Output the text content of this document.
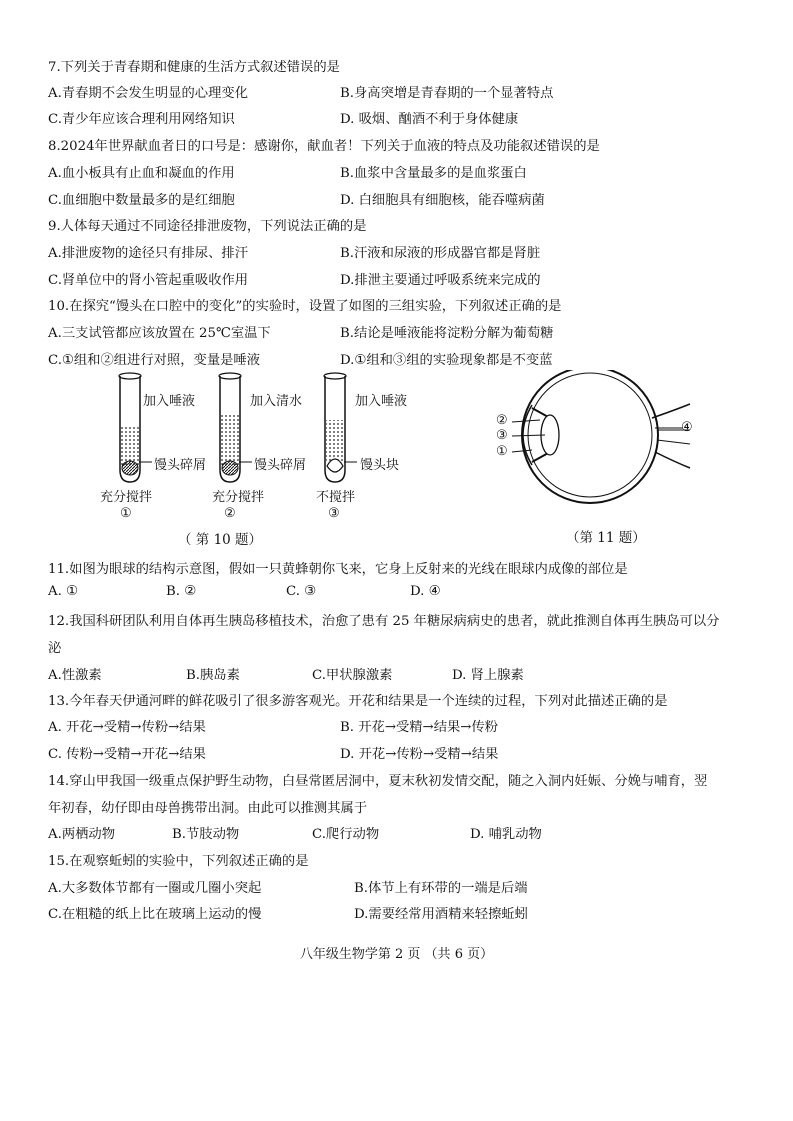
7.下列关于青春期和健康的生活方式叙述错误的是
A.青春期不会发生明显的心理变化	B.身高突增是青春期的一个显著特点
C.青少年应该合理利用网络知识	D. 吸烟、酗酒不利于身体健康
8.2024年世界献血者日的口号是：感谢你，献血者！下列关于血液的特点及功能叙述错误的是
A.血小板具有止血和凝血的作用	B.血浆中含量最多的是血浆蛋白
C.血细胞中数量最多的是红细胞	D. 白细胞具有细胞核，能吞噬病菌
9.人体每天通过不同途径排泄废物，下列说法正确的是
A.排泄废物的途径只有排尿、排汗	B.汗液和尿液的形成器官都是肾脏
C.肾单位中的肾小管起重吸收作用	D.排泄主要通过呼吸系统来完成的
10.在探究“馒头在口腔中的变化”的实验时，设置了如图的三组实验，下列叙述正确的是
A.三支试管都应该放置在 25℃室温下	B.结论是唾液能将淀粉分解为葡萄糖
C.①组和②组进行对照，变量是唾液	D.①组和③组的实验现象都是不变蓝
加入唾液
馒头碎屑
充分搅拌
①
加入清水
馒头碎屑
充分搅拌
②
加入唾液
馒头块
不搅拌
③
（ 第 10 题）
②
③
①
④
（第 11 题）
11.如图为眼球的结构示意图，假如一只黄蜂朝你飞来，它身上反射来的光线在眼球内成像的部位是
A. ①	B. ②	C. ③	D. ④
12.我国科研团队利用自体再生胰岛移植技术，治愈了患有 25 年糖尿病病史的患者，就此推测自体再生胰岛可以分
泌
A.性激素	B.胰岛素	C.甲状腺激素	D. 肾上腺素
13.今年春天伊通河畔的鲜花吸引了很多游客观光。开花和结果是一个连续的过程，下列对此描述正确的是
A. 开花→受精→传粉→结果	B. 开花→受精→结果→传粉
C. 传粉→受精→开花→结果	D. 开花→传粉→受精→结果
14.穿山甲我国一级重点保护野生动物，白昼常匿居洞中，夏末秋初发情交配，随之入洞内妊娠、分娩与哺育，翌
年初春，幼仔即由母兽携带出洞。由此可以推测其属于
A.两栖动物	B.节肢动物	C.爬行动物	D. 哺乳动物
15.在观察蚯蚓的实验中，下列叙述正确的是
A.大多数体节都有一圈或几圈小突起	B.体节上有环带的一端是后端
C.在粗糙的纸上比在玻璃上运动的慢	D.需要经常用酒精来轻擦蚯蚓
八年级生物学第 2 页 （共 6 页）
